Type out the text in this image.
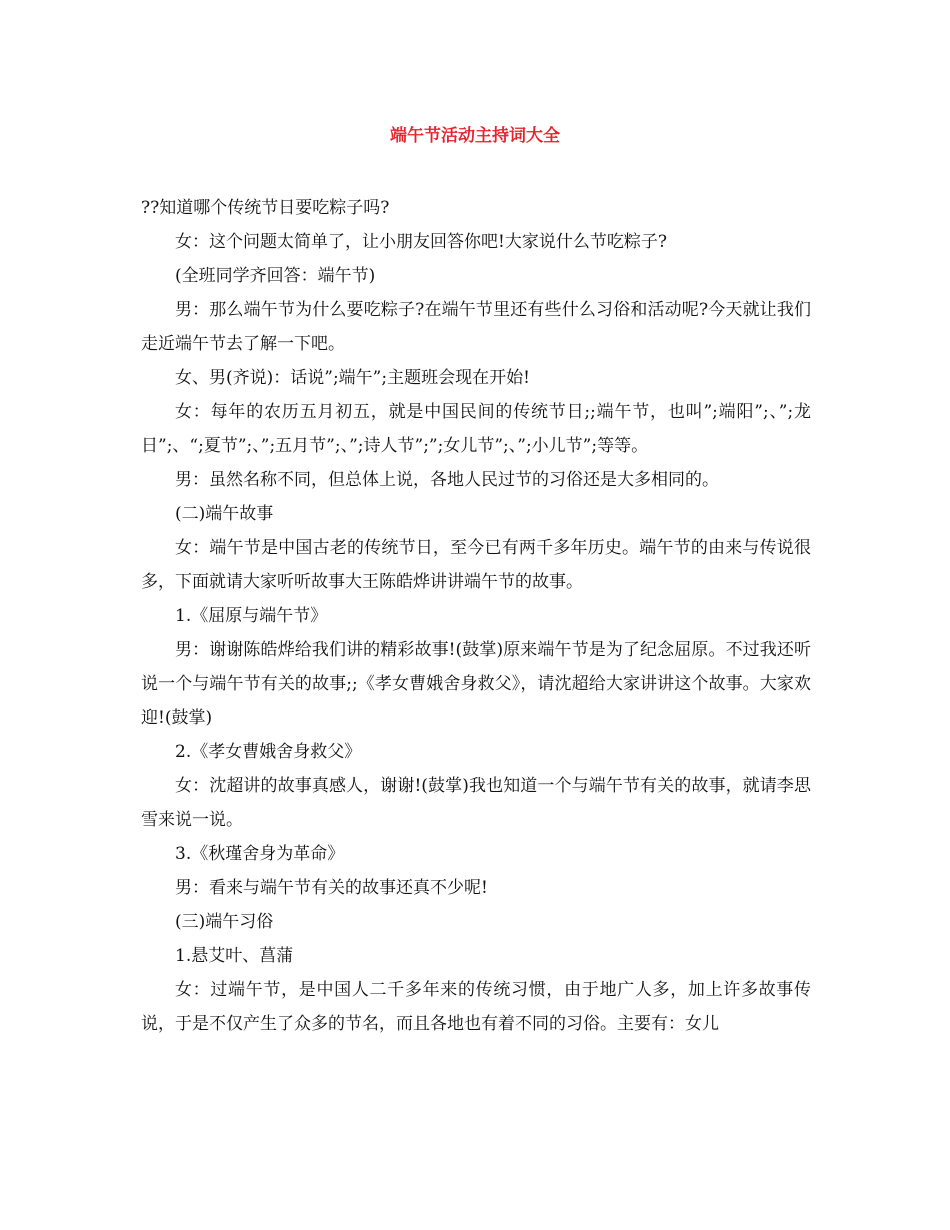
端午节活动主持词大全

??知道哪个传统节日要吃粽子吗?

女：这个问题太简单了，让小朋友回答你吧!大家说什么节吃粽子?

(全班同学齐回答：端午节)

男：那么端午节为什么要吃粽子?在端午节里还有些什么习俗和活动呢?今天就让我们走近端午节去了解一下吧。

女、男(齐说)：话说”;端午”;主题班会现在开始!

女：每年的农历五月初五，就是中国民间的传统节日;;端午节，也叫”;端阳”;、”;龙日”;、“;夏节”;、”;五月节”;、”;诗人节”;”;女儿节”;、”;小儿节”;等等。

男：虽然名称不同，但总体上说，各地人民过节的习俗还是大多相同的。

(二)端午故事

女：端午节是中国古老的传统节日，至今已有两千多年历史。端午节的由来与传说很多，下面就请大家听听故事大王陈皓烨讲讲端午节的故事。

1.《屈原与端午节》

男：谢谢陈皓烨给我们讲的精彩故事!(鼓掌)原来端午节是为了纪念屈原。不过我还听说一个与端午节有关的故事;;《孝女曹娥舍身救父》，请沈超给大家讲讲这个故事。大家欢迎!(鼓掌)

2.《孝女曹娥舍身救父》

女：沈超讲的故事真感人，谢谢!(鼓掌)我也知道一个与端午节有关的故事，就请李思雪来说一说。

3.《秋瑾舍身为革命》

男：看来与端午节有关的故事还真不少呢!

(三)端午习俗

1.悬艾叶、菖蒲

女：过端午节，是中国人二千多年来的传统习惯，由于地广人多，加上许多故事传说，于是不仅产生了众多的节名，而且各地也有着不同的习俗。主要有：女儿
